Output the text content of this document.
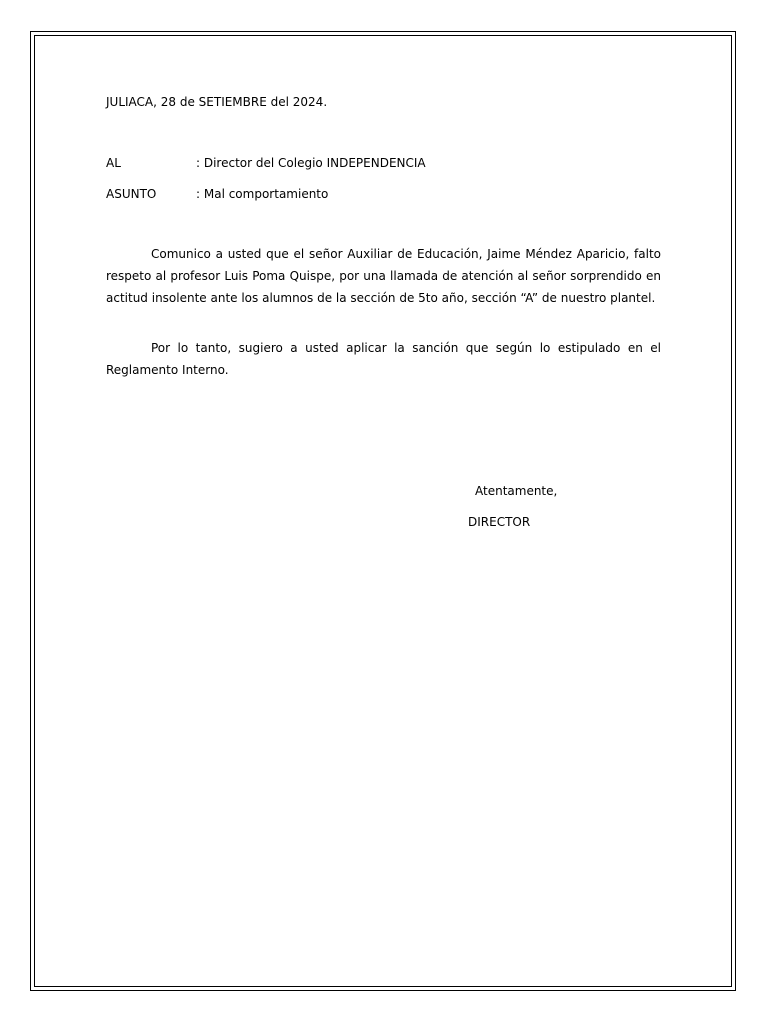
JULIACA, 28 de SETIEMBRE del 2024.
AL	: Director del Colegio INDEPENDENCIA
ASUNTO	: Mal comportamiento

Comunico a usted que el señor Auxiliar de Educación, Jaime Méndez Aparicio, falto respeto al profesor Luis Poma Quispe, por una llamada de atención al señor sorprendido en actitud insolente ante los alumnos de la sección de 5to año, sección “A” de nuestro plantel.

Por lo tanto, sugiero a usted aplicar la sanción que según lo estipulado en el Reglamento Interno.

Atentamente,
DIRECTOR
